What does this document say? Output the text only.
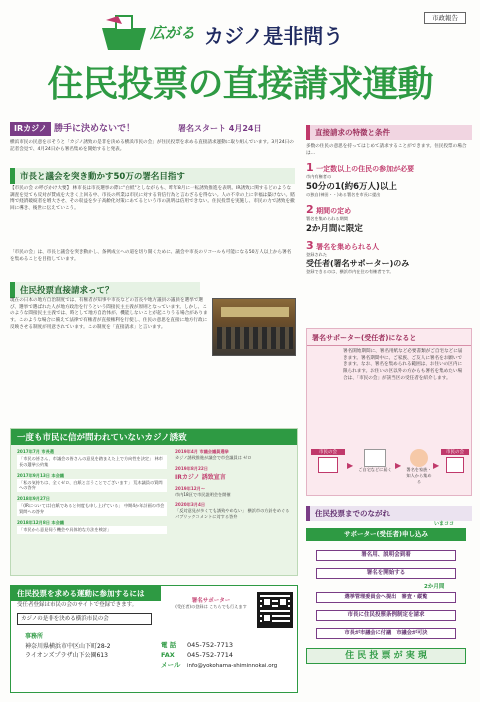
市政報告
広がる カジノ是非問う
住民投票の直接請求運動
IRカジノ 勝手に決めないで！	署名スタート 4月24日

横浜市民の民意を示そうと「カジノ誘致の是非を決める横浜市民の会」が住民投票を求める直接請求運動に取り組んでいます。3月24日の記者会見で、4月24日から署名集めを開始すると発表。

市長と議会を突き動かす50万の署名目指す

【市民の会 の呼びかけ大要】 林市長は市長選挙の際に"白紙"としながらも、昨年8月に一転誘致推進を表明。IR誘致に関するどのような調査を見ても反対が賛成を大きく上回る中、市長の所業は市民に対する背信行為と言わざるを得ない。人の不幸の上に幸福は築けない。賭博で経済破綻者を増大させ、その収益を少子高齢化対策にあてるという市の説明は信用できない。住民投票を実施し、市民の力で誘致を撤回に導き、後世に伝えていこう。

「市民の会」は、市長と議会を突き動かし、条例成立への道を切り開くために、議会や市長のリコールも可能になる50万人以上から署名を集めることを目指しています。

住民投票直接請求って？

現在の日本の地方自治制度では、有権者が知事や市長などの首長や地方議員の議員を選挙で選び、選挙で選ばれた人が地方政治を行うという間接民主主義が原則となっています。しかし、このような間接民主主義では、時として地方自治体が、機能しないことが起こりうる場合があります。このような場合に備えて法律で有権者が直接権利を行使し、住民の意思を直接に地方行政に反映させる制度が用意されています。この制度を「直接請求」と言います。

一度も市民に信が問われていないカジノ誘致
2017年7月 市長選
「市民の皆さん、市議会の皆さんの意見を踏まえた上で方向性を決定」 林市長の選挙公約集
2017年9月13日 本会議
「私の気持ちは、全くゼロ、白紙と言うことでございます」 荒木議員の質問への答弁
2018年9月27日
「(IRについては)白紙であると何度も申し上げている」 中期4か年計画の市会質問への答弁
2018年12月8日 本会議
「市民から意見伺う機会や具体的な方法を検討」
2019年4月 市議会議員選挙
カジノ誘致推進が議会で市会議員は ゼロ
2019年8月22日
IRカジノ 誘致宣言
2019年12月～
市内18区で市民説明会を開催
2020年3月4日
「反対意見が多くても誘致やめない」 横浜市の方針をめぐるパブリックコメントに対する答弁
住民投票を求める運動に参加するには
受任者登録は市民の会のサイトで登録できます。
カジノの是非を決める横浜市民の会
署名サポーター
(受任者)の登録は こちらでも行えます
事務所
神奈川県横浜市中区山下町28-2
ライオンズプラザ山下公園613
電 話 045-752-7713
FAX 045-752-7714
メール info@yokohama-shiminnokai.org
直接請求の特徴と条件

多数の住民の意思を持ってはじめて請求することができます。住民投票の場合は…

1 一定数以上の住民の参加が必要
市内有権者の
50分の1(約6万人)以上
の独自(神田・・)ある署名を市長に提出
2 期間の定め
署名を集められる期間
2か月間に限定
3 署名を集められる人
登録された
受任者(署名サポーター)のみ
登録できるのは、横浜市内在住の有権者です。
署名サポーター(受任者)になると

署名開始期間に、署名用紙など必要書類がご自宅などに届きます。署名期間中に、ご家族、ご友人に署名をお願いできます。なお、署名を集められる範囲は、お住いの区内に限られます。お住いの区以外の方からも署名を集めたい場合は、「市民の会」が該当区の受任者を紹介します。

市民の会
▶ ご自宅などに届く ▶	署名を家族・知人から集める
▶
市民の会
住民投票までのながれ
いまココ
サポーター(受任者)申し込み
署名用、説明会到着
署名を開始する
2か月間
選挙管理委員会へ提出　審査・縦覧
市長に住民投票条例制定を請求
市長が市議会に付議　市議会が可決
住 民 投 票 が 実 現
